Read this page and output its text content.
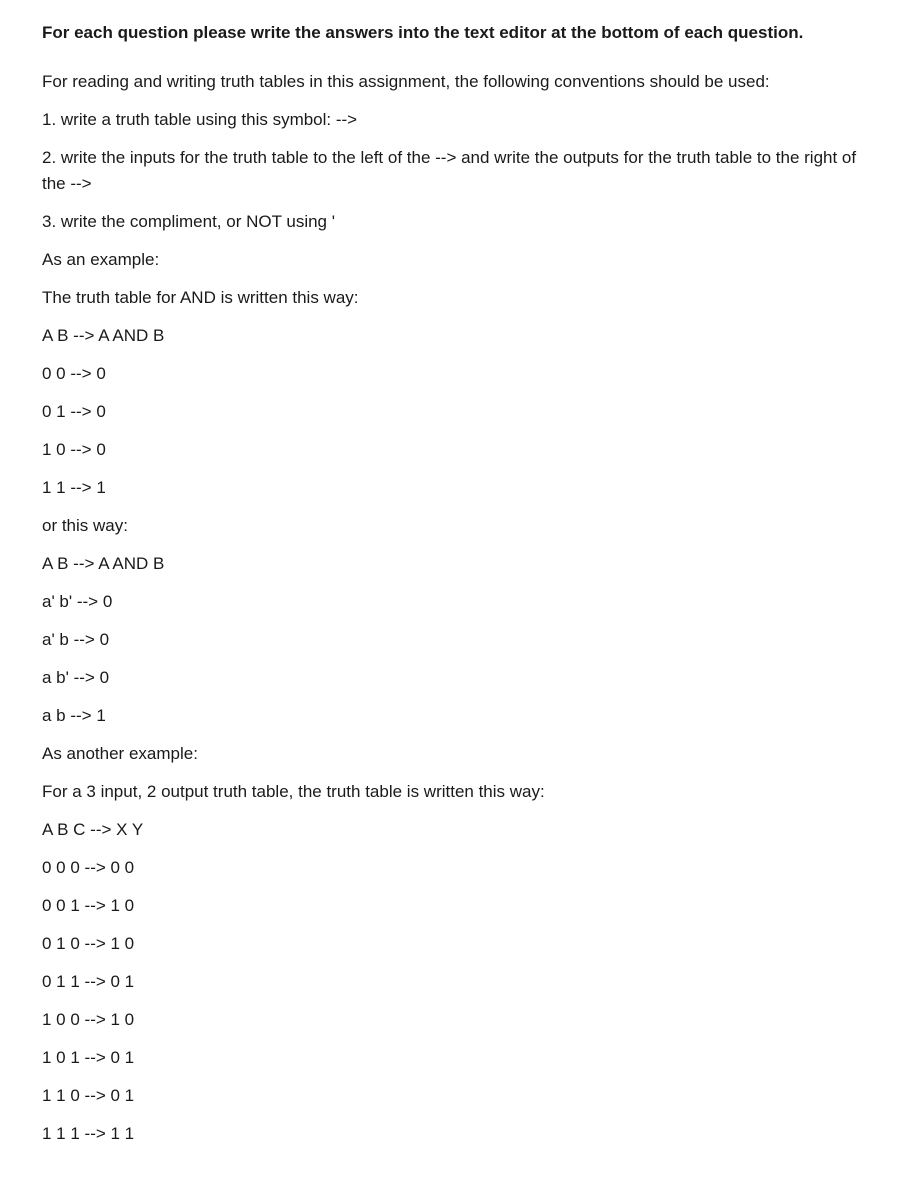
For each question please write the answers into the text editor at the bottom of each question.
For reading and writing truth tables in this assignment, the following conventions should be used:
1. write a truth table using this symbol: -->
2. write the inputs for the truth table to the left of the --> and write the outputs for the truth table to the right of the -->
3. write the compliment, or NOT using '
As an example:
The truth table for AND is written this way:
A B --> A AND B
0 0 --> 0
0 1 --> 0
1 0 --> 0
1 1 --> 1
or this way:
A B --> A AND B
a' b' --> 0
a' b --> 0
a b' --> 0
a b --> 1
As another example:
For a 3 input, 2 output truth table, the truth table is written this way:
A B C --> X Y
0 0 0 --> 0 0
0 0 1 --> 1 0
0 1 0 --> 1 0
0 1 1 --> 0 1
1 0 0 --> 1 0
1 0 1 --> 0 1
1 1 0 --> 0 1
1 1 1 --> 1 1
